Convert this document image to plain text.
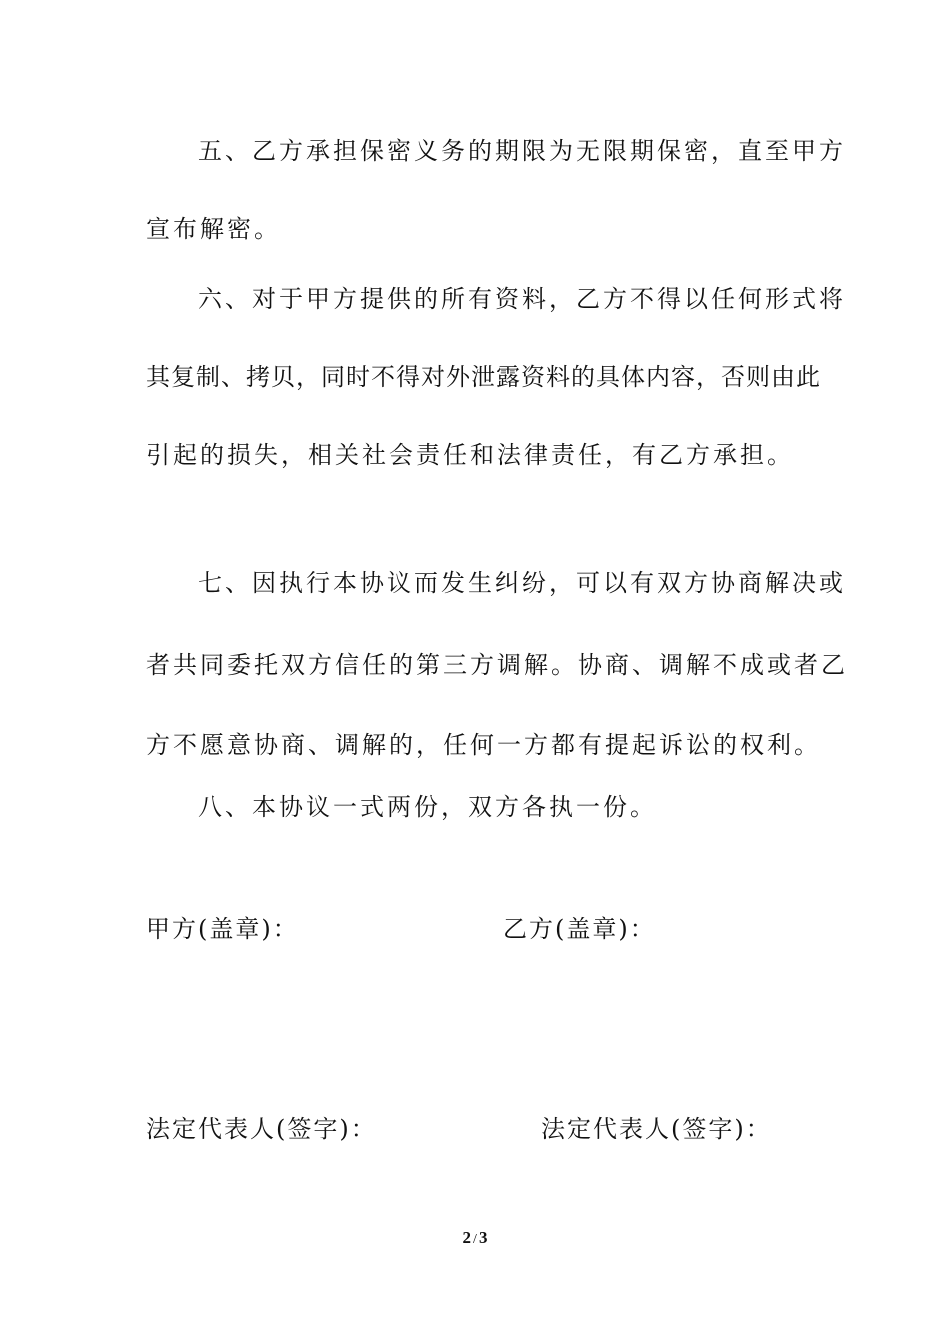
五、乙方承担保密义务的期限为无限期保密，直至甲方
宣布解密。
六、对于甲方提供的所有资料，乙方不得以任何形式将
其复制、拷贝，同时不得对外泄露资料的具体内容，否则由此
引起的损失，相关社会责任和法律责任，有乙方承担。
七、因执行本协议而发生纠纷，可以有双方协商解决或
者共同委托双方信任的第三方调解。协商、调解不成或者乙
方不愿意协商、调解的，任何一方都有提起诉讼的权利。
八、本协议一式两份，双方各执一份。
甲方(盖章)：	乙方(盖章)：
法定代表人(签字)：	法定代表人(签字)：
2 / 3
